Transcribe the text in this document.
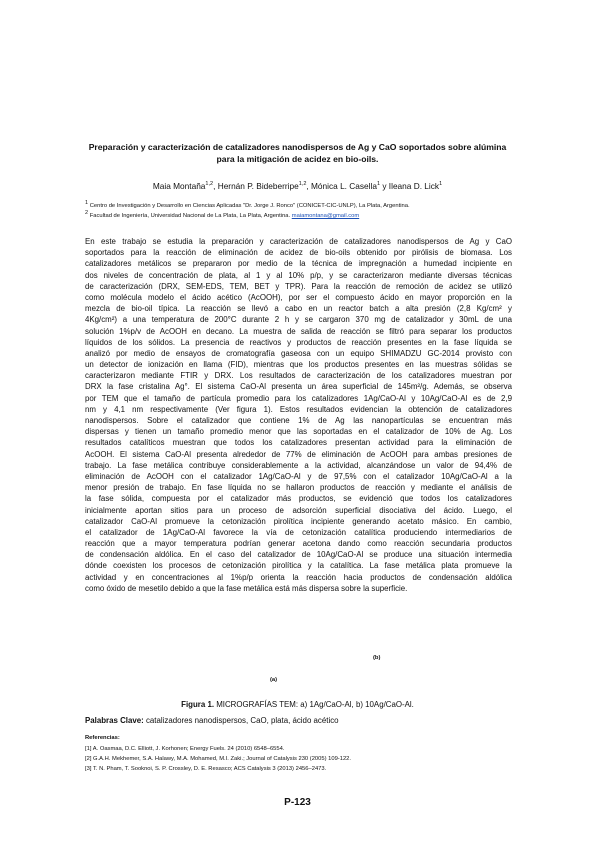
Preparación y caracterización de catalizadores nanodispersos de Ag y CaO soportados sobre alúmina
para la mitigación de acidez en bio-oils.
Maia Montaña$^{1,2}$, Hernán P. Bideberripe$^{1,2}$, Mónica L. Casella$^1$ y Ileana D. Lick$^1$
$^1$ Centro de Investigación y Desarrollo en Ciencias Aplicadas "Dr. Jorge J. Ronco" (CONICET-CIC-UNLP), La Plata, Argentina.
$^2$ Facultad de Ingeniería, Universidad Nacional de La Plata, La Plata, Argentina. maiamontana@gmail.com
En este trabajo se estudia la preparación y caracterización de catalizadores nanodispersos de Ag y CaO
soportados para la reacción de eliminación de acidez de bio-oils obtenido por pirólisis de biomasa. Los
catalizadores metálicos se prepararon por medio de la técnica de impregnación a humedad incipiente en
dos niveles de concentración de plata, al 1 y al 10% p/p, y se caracterizaron mediante diversas técnicas
de caracterización (DRX, SEM-EDS, TEM, BET y TPR). Para la reacción de remoción de acidez se utilizó
como molécula modelo el ácido acético (AcOOH), por ser el compuesto ácido en mayor proporción en la
mezcla de bio-oil típica. La reacción se llevó a cabo en un reactor batch a alta presión (2,8 Kg/cm² y
4Kg/cm²) a una temperatura de 200°C durante 2 h y se cargaron 370 mg de catalizador y 30mL de una
solución 1%p/v de AcOOH en decano. La muestra de salida de reacción se filtró para separar los productos
líquidos de los sólidos. La presencia de reactivos y productos de reacción presentes en la fase líquida se
analizó por medio de ensayos de cromatografía gaseosa con un equipo SHIMADZU GC-2014 provisto con
un detector de ionización en llama (FID), mientras que los productos presentes en las muestras sólidas se
caracterizaron mediante FTIR y DRX. Los resultados de caracterización de los catalizadores muestran por
DRX la fase cristalina Ag°. El sistema CaO-Al presenta un área superficial de 145m²/g. Además, se observa
por TEM que el tamaño de partícula promedio para los catalizadores 1Ag/CaO-Al y 10Ag/CaO-Al es de 2,9
nm y 4,1 nm respectivamente (Ver figura 1). Estos resultados evidencian la obtención de catalizadores
nanodispersos. Sobre el catalizador que contiene 1% de Ag las nanopartículas se encuentran más
dispersas y tienen un tamaño promedio menor que las soportadas en el catalizador de 10% de Ag. Los
resultados catalíticos muestran que todos los catalizadores presentan actividad para la eliminación de
AcOOH. El sistema CaO-Al presenta alrededor de 77% de eliminación de AcOOH para ambas presiones de
trabajo. La fase metálica contribuye considerablemente a la actividad, alcanzándose un valor de 94,4% de
eliminación de AcOOH con el catalizador 1Ag/CaO-Al y de 97,5% con el catalizador 10Ag/CaO-Al a la
menor presión de trabajo. En fase líquida no se hallaron productos de reacción y mediante el análisis de
la fase sólida, compuesta por el catalizador más productos, se evidenció que todos los catalizadores
inicialmente aportan sitios para un proceso de adsorción superficial disociativa del ácido. Luego, el
catalizador CaO-Al promueve la cetonización pirolítica incipiente generando acetato másico. En cambio,
el catalizador de 1Ag/CaO-Al favorece la vía de cetonización catalítica produciendo intermediarios de
reacción que a mayor temperatura podrían generar acetona dando como reacción secundaria productos
de condensación aldólica. En el caso del catalizador de 10Ag/CaO-Al se produce una situación intermedia
dónde coexisten los procesos de cetonización pirolítica y la catalítica. La fase metálica plata promueve la
actividad y en concentraciones al 1%p/p orienta la reacción hacia productos de condensación aldólica
como óxido de mesetilo debido a que la fase metálica está más dispersa sobre la superficie.
(b)
(a)
Figura 1. MICROGRAFÍAS TEM: a) 1Ag/CaO-Al, b) 10Ag/CaO-Al.
Palabras Clave: catalizadores nanodispersos, CaO, plata, ácido acético
Referencias:
[1] A. Oasmaa, D.C. Elliott, J. Korhonen; Energy Fuels. 24 (2010) 6548–6554.
[2] G.A.H. Mekhemer, S.A. Halawy, M.A. Mohamed, M.I. Zaki.; Journal of Catalysis 230 (2005) 109-122.
[3] T. N. Pham, T. Sooknoi, S. P. Crossley, D. E. Resasco; ACS Catalysis 3 (2013) 2456–2473.
P-123
